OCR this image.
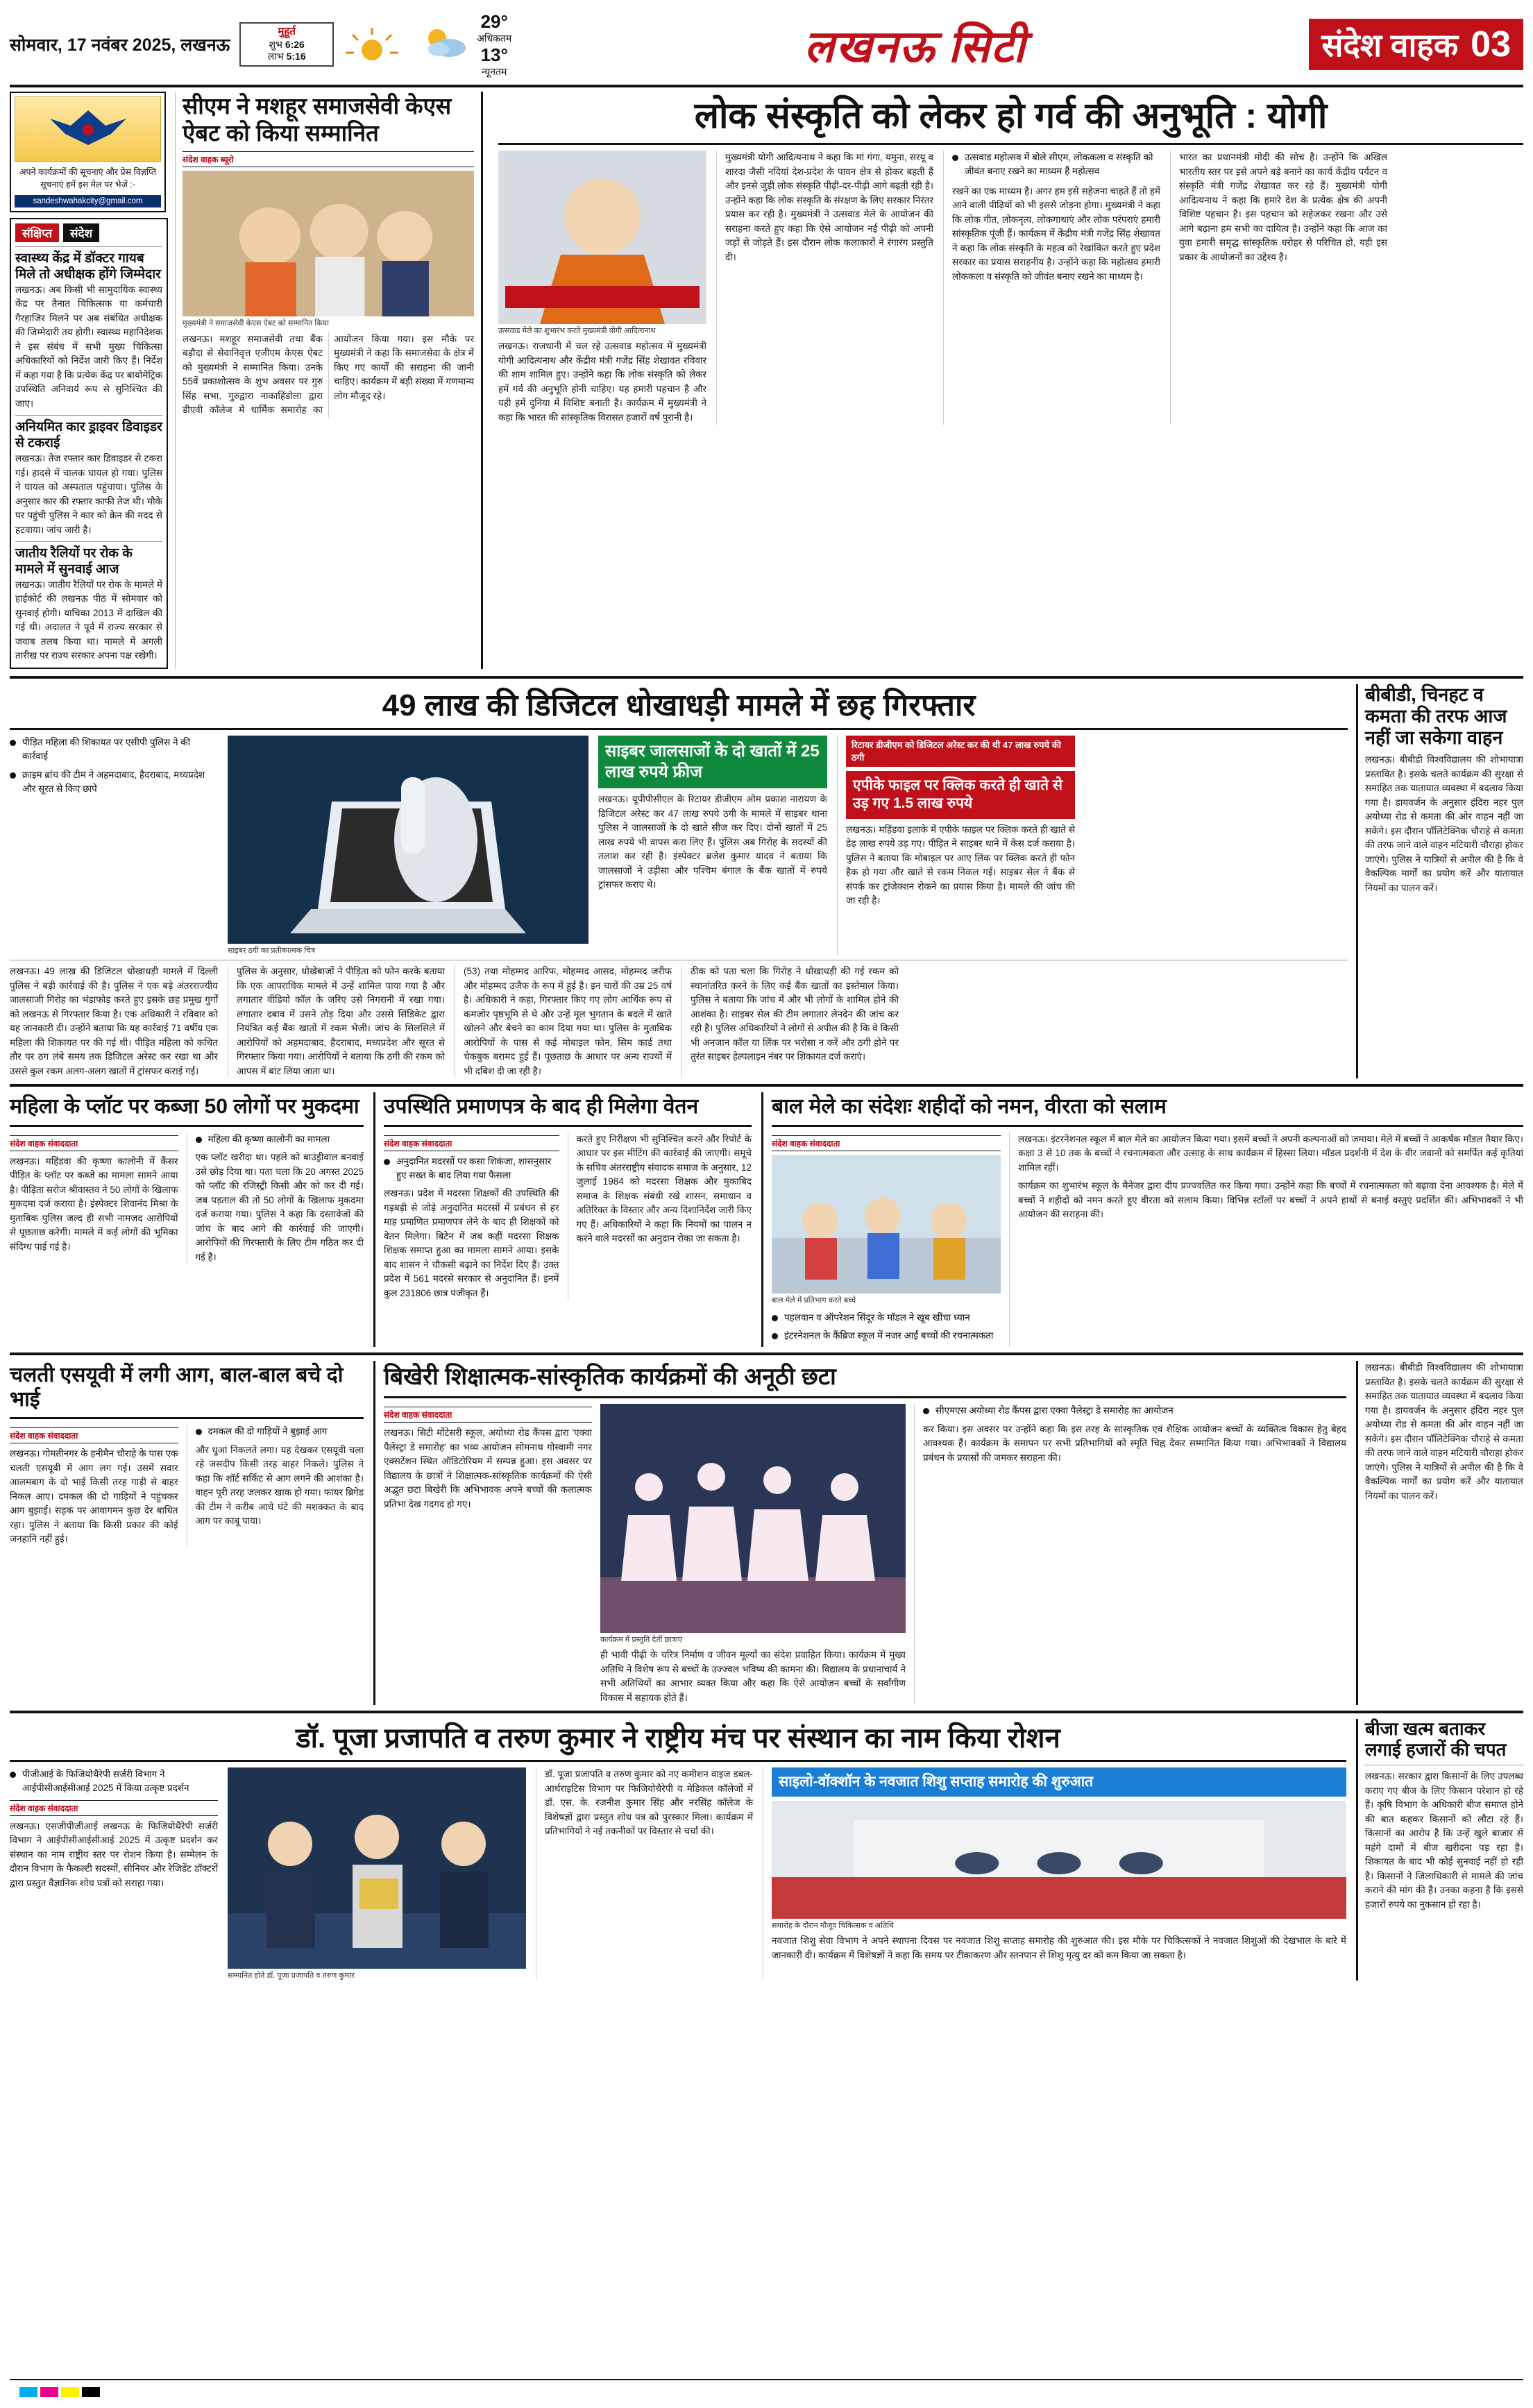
सोमवार, 17 नवंबर 2025, लखनऊ
मुहूर्त
शुभ 6:26
लाभ 5:16
29°
अधिकतम
13°
न्यूनतम
लखनऊ सिटी	संदेश वाहक 03
अपने कार्यक्रमों की सूचनाएं और प्रेस विज्ञप्ति सूचनाएं हमें इस मेल पर भेजें :-
sandeshwahakcity@gmail.com
संक्षिप्त	संदेश
स्वास्थ्य केंद्र में डॉक्टर गायब मिले तो अधीक्षक होंगे जिम्मेदार
लखनऊ। अब किसी भी सामुदायिक स्वास्थ्य केंद्र पर तैनात चिकित्सक या कर्मचारी गैरहाजिर मिलने पर अब संबंधित अधीक्षक की जिम्मेदारी तय होगी। स्वास्थ्य महानिदेशक ने इस संबंध में सभी मुख्य चिकित्सा अधिकारियों को निर्देश जारी किए हैं। निर्देश में कहा गया है कि प्रत्येक केंद्र पर बायोमेट्रिक उपस्थिति अनिवार्य रूप से सुनिश्चित की जाए।
अनियमित कार ड्राइवर डिवाइडर से टकराई
लखनऊ। तेज रफ्तार कार डिवाइडर से टकरा गई। हादसे में चालक घायल हो गया। पुलिस ने घायल को अस्पताल पहुंचाया। पुलिस के अनुसार कार की रफ्तार काफी तेज थी। मौके पर पहुंची पुलिस ने कार को क्रेन की मदद से हटवाया। जांच जारी है।
जातीय रैलियों पर रोक के मामले में सुनवाई आज
लखनऊ। जातीय रैलियों पर रोक के मामले में हाईकोर्ट की लखनऊ पीठ में सोमवार को सुनवाई होगी। याचिका 2013 में दाखिल की गई थी। अदालत ने पूर्व में राज्य सरकार से जवाब तलब किया था। मामले में अगली तारीख पर राज्य सरकार अपना पक्ष रखेगी।
सीएम ने मशहूर समाजसेवी केएस ऐबट को किया सम्मानित
संदेश वाहक ब्यूरो
मुख्यमंत्री ने समाजसेवी केएस ऐबट को सम्मानित किया
लखनऊ। मशहूर समाजसेवी तथा बैंक बड़ौदा से सेवानिवृत्त एजीएम केएस ऐबट को मुख्यमंत्री ने सम्मानित किया। उनके 55वें प्रकाशोत्सव के शुभ अवसर पर गुरु सिंह सभा, गुरुद्वारा नाकाहिंडोला द्वारा डीएवी कॉलेज में धार्मिक समारोह का आयोजन किया गया। इस मौके पर मुख्यमंत्री ने कहा कि समाजसेवा के क्षेत्र में किए गए कार्यों की सराहना की जानी चाहिए। कार्यक्रम में बड़ी संख्या में गणमान्य लोग मौजूद रहे।
लोक संस्कृति को लेकर हो गर्व की अनुभूति : योगी
उत्सवाड मेले का शुभारंभ करते मुख्यमंत्री योगी आदित्यनाथ
लखनऊ। राजधानी में चल रहे उत्सवाड महोत्सव में मुख्यमंत्री योगी आदित्यनाथ और केंद्रीय मंत्री गजेंद्र सिंह शेखावत रविवार की शाम शामिल हुए। उन्होंने कहा कि लोक संस्कृति को लेकर हमें गर्व की अनुभूति होनी चाहिए। यह हमारी पहचान है और यही हमें दुनिया में विशिष्ट बनाती है। कार्यक्रम में मुख्यमंत्री ने कहा कि भारत की सांस्कृतिक विरासत हजारों वर्ष पुरानी है।
मुख्यमंत्री योगी आदित्यनाथ ने कहा कि मां गंगा, यमुना, सरयू व शारदा जैसी नदियां देश-प्रदेश के पावन क्षेत्र से होकर बहती हैं और इनसे जुड़ी लोक संस्कृति पीढ़ी-दर-पीढ़ी आगे बढ़ती रही है। उन्होंने कहा कि लोक संस्कृति के संरक्षण के लिए सरकार निरंतर प्रयास कर रही है। मुख्यमंत्री ने उत्सवाड मेले के आयोजन की सराहना करते हुए कहा कि ऐसे आयोजन नई पीढ़ी को अपनी जड़ों से जोड़ते हैं। इस दौरान लोक कलाकारों ने रंगारंग प्रस्तुति दी।
उत्सवाड महोत्सव में बोले सीएम, लोककला व संस्कृति को जीवंत बनाए रखने का माध्यम हैं महोत्सव
रखने का एक माध्यम है। अगर हम इसे सहेजना चाहते हैं तो हमें आने वाली पीढ़ियों को भी इससे जोड़ना होगा। मुख्यमंत्री ने कहा कि लोक गीत, लोकनृत्य, लोकगाथाएं और लोक परंपराएं हमारी सांस्कृतिक पूंजी हैं। कार्यक्रम में केंद्रीय मंत्री गजेंद्र सिंह शेखावत ने कहा कि लोक संस्कृति के महत्व को रेखांकित करते हुए प्रदेश सरकार का प्रयास सराहनीय है। उन्होंने कहा कि महोत्सव हमारी लोककला व संस्कृति को जीवंत बनाए रखने का माध्यम है।
भारत का प्रधानमंत्री मोदी की सोच है। उन्होंने कि अखिल भारतीय स्तर पर इसे अपने बड़े बनाने का कार्य केंद्रीय पर्यटन व संस्कृति मंत्री गजेंद्र शेखावत कर रहे हैं। मुख्यमंत्री योगी आदित्यनाथ ने कहा कि हमारे देश के प्रत्येक क्षेत्र की अपनी विशिष्ट पहचान है। इस पहचान को सहेजकर रखना और उसे आगे बढ़ाना हम सभी का दायित्व है। उन्होंने कहा कि आज का युवा हमारी समृद्ध सांस्कृतिक धरोहर से परिचित हो, यही इस प्रकार के आयोजनों का उद्देश्य है।
49 लाख की डिजिटल धोखाधड़ी मामले में छह गिरफ्तार
पीड़ित महिला की शिकायत पर एसीपी पुलिस ने की कार्रवाई
क्राइम ब्रांच की टीम ने अहमदाबाद, हैदराबाद, मध्यप्रदेश और सूरत से किए छापे
साइबर ठगी का प्रतीकात्मक चित्र
साइबर जालसाजों के दो खातों में 25 लाख रुपये फ्रीज
लखनऊ। यूपीपीसीएल के रिटायर डीजीएम ओम प्रकाश नारायण के डिजिटल अरेस्ट कर 47 लाख रुपये ठगी के मामले में साइबर थाना पुलिस ने जालसाजों के दो खाते सीज कर दिए। दोनों खातों में 25 लाख रुपये भी वापस करा लिए हैं। पुलिस अब गिरोह के सदस्यों की तलाश कर रही है। इंस्पेक्टर ब्रजेश कुमार यादव ने बताया कि जालसाजों ने उड़ीसा और पश्चिम बंगाल के बैंक खातों में रुपये ट्रांसफर कराए थे।
रिटायर डीजीएम को डिजिटल अरेस्ट कर की थी 47 लाख रुपये की ठगी
एपीके फाइल पर क्लिक करते ही खाते से उड़ गए 1.5 लाख रुपये
लखनऊ। महिंडवा इलाके में एपीके फाइल पर क्लिक करते ही खाते से डेढ़ लाख रुपये उड़ गए। पीड़ित ने साइबर थाने में केस दर्ज कराया है। पुलिस ने बताया कि मोबाइल पर आए लिंक पर क्लिक करते ही फोन हैक हो गया और खाते से रकम निकल गई। साइबर सेल ने बैंक से संपर्क कर ट्रांजेक्शन रोकने का प्रयास किया है। मामले की जांच की जा रही है।
लखनऊ। 49 लाख की डिजिटल धोखाधड़ी मामले में दिल्ली पुलिस ने बड़ी कार्रवाई की है। पुलिस ने एक बड़े अंतरराज्यीय जालसाजी गिरोह का भंडाफोड़ करते हुए इसके छह प्रमुख गुर्गों को लखनऊ से गिरफ्तार किया है। एक अधिकारी ने रविवार को यह जानकारी दी। उन्होंने बताया कि यह कार्रवाई 71 वर्षीय एक महिला की शिकायत पर की गई थी। पीड़ित महिला को कथित तौर पर ठग लंबे समय तक डिजिटल अरेस्ट कर रखा था और उससे कुल रकम अलग-अलग खातों में ट्रांसफर कराई गई।
पुलिस के अनुसार, धोखेबाजों ने पीड़िता को फोन करके बताया कि एक आपराधिक मामले में उन्हें शामिल पाया गया है और लगातार वीडियो कॉल के जरिए उसे निगरानी में रखा गया। लगातार दबाव में उसने तोड़ दिया और उससे सिंडिकेट द्वारा नियंत्रित कई बैंक खातों में रकम भेजी। जांच के सिलसिले में आरोपियों को अहमदाबाद, हैदराबाद, मध्यप्रदेश और सूरत से गिरफ्तार किया गया। आरोपियों ने बताया कि ठगी की रकम को आपस में बांट लिया जाता था।
(53) तथा मोहम्मद आरिफ, मोहम्मद आसद, मोहम्मद जरीफ और मोहम्मद उजैफ के रूप में हुई है। इन चारों की उम्र 25 वर्ष है। अधिकारी ने कहा, गिरफ्तार किए गए लोग आर्थिक रूप से कमजोर पृष्ठभूमि से थे और उन्हें मूल भुगतान के बदले में खाते खोलने और बेचने का काम दिया गया था। पुलिस के मुताबिक आरोपियों के पास से कई मोबाइल फोन, सिम कार्ड तथा चेकबुक बरामद हुई हैं। पूछताछ के आधार पर अन्य राज्यों में भी दबिश दी जा रही है।
ठीक को पता चला कि गिरोह ने धोखाधड़ी की गई रकम को स्थानांतरित करने के लिए कई बैंक खातों का इस्तेमाल किया। पुलिस ने बताया कि जांच में और भी लोगों के शामिल होने की आशंका है। साइबर सेल की टीम लगातार लेनदेन की जांच कर रही है। पुलिस अधिकारियों ने लोगों से अपील की है कि वे किसी भी अनजान कॉल या लिंक पर भरोसा न करें और ठगी होने पर तुरंत साइबर हेल्पलाइन नंबर पर शिकायत दर्ज कराएं।
बीबीडी, चिनहट व कमता की तरफ आज नहीं जा सकेगा वाहन
लखनऊ। बीबीडी विश्वविद्यालय की शोभायात्रा प्रस्तावित है। इसके चलते कार्यक्रम की सुरक्षा से समाहित तक यातायात व्यवस्था में बदलाव किया गया है। डायवर्जन के अनुसार इंदिरा नहर पुल अयोध्या रोड से कमता की ओर वाहन नहीं जा सकेंगे। इस दौरान पॉलिटेक्निक चौराहे से कमता की तरफ जाने वाले वाहन मटियारी चौराहा होकर जाएंगे। पुलिस ने यात्रियों से अपील की है कि वे वैकल्पिक मार्गों का प्रयोग करें और यातायात नियमों का पालन करें।
महिला के प्लॉट पर कब्जा 50 लोगों पर मुकदमा
संदेश वाहक संवाददाता
लखनऊ। महिंडवा की कृष्णा कालोनी में कैंसर पीड़ित के प्लॉट पर कब्जे का मामला सामने आया है। पीड़िता सरोज श्रीवास्तव ने 50 लोगों के खिलाफ मुकदमा दर्ज कराया है। इंस्पेक्टर शिवानंद मिश्रा के मुताबिक पुलिस जल्द ही सभी नामजद आरोपियों से पूछताछ करेगी। मामले में कई लोगों की भूमिका संदिग्ध पाई गई है।
महिला की कृष्णा कालोनी का मामला
एक प्लॉट खरीदा था। पहले को बाउंड्रीवाल बनवाई उसे छोड़ दिया था। पता चला कि 20 अगस्त 2025 को प्लॉट की रजिस्ट्री किसी और को कर दी गई। जब पड़ताल की तो 50 लोगों के खिलाफ मुकदमा दर्ज कराया गया। पुलिस ने कहा कि दस्तावेजों की जांच के बाद आगे की कार्रवाई की जाएगी। आरोपियों की गिरफ्तारी के लिए टीम गठित कर दी गई है।
उपस्थिति प्रमाणपत्र के बाद ही मिलेगा वेतन
संदेश वाहक संवाददाता
अनुदानित मदरसों पर कसा शिकंजा, शासनुसार हुए सख्त के बाद लिया गया फैसला
लखनऊ। प्रदेश में मदरसा शिक्षकों की उपस्थिति की गड़बड़ी से जोड़े अनुदानित मदरसों में प्रबंधन से हर माह प्रमाणित प्रमाणपत्र लेने के बाद ही शिक्षकों को वेतन मिलेगा। बिटेन में जब कहीं मदरसा शिक्षक शिक्षक समाप्त हुआ का मामला सामने आया। इसके बाद शासन ने चौकसी बढ़ाने का निर्देश दिए हैं। उक्त प्रदेश में 561 मदरसे सरकार से अनुदानित हैं। इनमें कुल 231806 छात्र पंजीकृत हैं।
करते हुए निरीक्षण भी सुनिश्चित करने और रिपोर्ट के आधार पर इस मीटिंग की कार्रवाई की जाएगी। समूचे के सचिव अंतरराष्ट्रीय संवादक समाज के अनुसार, 12 जुलाई 1984 को मदरसा शिक्षक और मुकाबिद समाज के शिक्षक संबंधी रखे शासन, समाधान व अतिरिक्त के विस्तार और अन्य दिशानिर्देश जारी किए गए हैं। अधिकारियों ने कहा कि नियमों का पालन न करने वाले मदरसों का अनुदान रोका जा सकता है।
बाल मेले का संदेशः शहीदों को नमन, वीरता को सलाम
संदेश वाहक संवाददाता
बाल मेले में प्रतिभाग करते बच्चे
पहलवान व ऑपरेशन सिंदूर के मॉडल ने खूब खींचा ध्यान
इंटरनेशनल के कैंब्रिज स्कूल में नजर आईं बच्चों की रचनात्मकता
लखनऊ। इंटरनेशनल स्कूल में बाल मेले का आयोजन किया गया। इसमें बच्चों ने अपनी कल्पनाओं को जमाया। मेले में बच्चों ने आकर्षक मॉडल तैयार किए। कक्षा 3 से 10 तक के बच्चों ने रचनात्मकता और उत्साह के साथ कार्यक्रम में हिस्सा लिया। मॉडल प्रदर्शनी में देश के वीर जवानों को समर्पित कई कृतियां शामिल रहीं।
कार्यक्रम का शुभारंभ स्कूल के मैनेजर द्वारा दीप प्रज्ज्वलित कर किया गया। उन्होंने कहा कि बच्चों में रचनात्मकता को बढ़ावा देना आवश्यक है। मेले में बच्चों ने शहीदों को नमन करते हुए वीरता को सलाम किया। विभिन्न स्टॉलों पर बच्चों ने अपने हाथों से बनाई वस्तुएं प्रदर्शित कीं। अभिभावकों ने भी आयोजन की सराहना की।
चलती एसयूवी में लगी आग, बाल-बाल बचे दो भाई
संदेश वाहक संवाददाता
लखनऊ। गोमतीनगर के हनीमैन चौराहे के पास एक चलती एसयूवी में आग लग गई। उसमें सवार आलमबाग के दो भाई किसी तरह गाड़ी से बाहर निकल आए। दमकल की दो गाड़ियों ने पहुंचकर आग बुझाई। सड़क पर आवागमन कुछ देर बाधित रहा। पुलिस ने बताया कि किसी प्रकार की कोई जनहानि नहीं हुई।
दमकल की दो गाड़ियों ने बुझाई आग
और धुआं निकलते लगा। यह देखकर एसयूवी चला रहे जसदीप किसी तरह बाहर निकले। पुलिस ने कहा कि शॉर्ट सर्किट से आग लगने की आशंका है। वाहन पूरी तरह जलकर खाक हो गया। फायर ब्रिगेड की टीम ने करीब आधे घंटे की मशक्कत के बाद आग पर काबू पाया।
बिखेरी शिक्षात्मक-सांस्कृतिक कार्यक्रमों की अनूठी छटा
संदेश वाहक संवाददाता
लखनऊ। सिटी मोंटेसरी स्कूल, अयोध्या रोड कैंपस द्वारा 'एक्वा पैलेस्ट्रा डे समारोह' का भव्य आयोजन सोमनाथ गोस्वामी नगर एक्सटेंशन स्थित ऑडिटोरियम में सम्पन्न हुआ। इस अवसर पर विद्यालय के छात्रों ने शिक्षात्मक-सांस्कृतिक कार्यक्रमों की ऐसी अद्भुत छटा बिखेरी कि अभिभावक अपने बच्चों की कलात्मक प्रतिभा देख गदगद हो गए।
कार्यक्रम में प्रस्तुति देतीं छात्राएं
ही भावी पीढ़ी के चरित्र निर्माण व जीवन मूल्यों का संदेश प्रवाहित किया। कार्यक्रम में मुख्य अतिथि ने विशेष रूप से बच्चों के उज्ज्वल भविष्य की कामना की। विद्यालय के प्रधानाचार्य ने सभी अतिथियों का आभार व्यक्त किया और कहा कि ऐसे आयोजन बच्चों के सर्वांगीण विकास में सहायक होते हैं।
सीएमएस अयोध्या रोड कैंपस द्वारा एक्वा पैलेस्ट्रा डे समारोह का आयोजन
कर किया। इस अवसर पर उन्होंने कहा कि इस तरह के सांस्कृतिक एवं शैक्षिक आयोजन बच्चों के व्यक्तित्व विकास हेतु बेहद आवश्यक हैं। कार्यक्रम के समापन पर सभी प्रतिभागियों को स्मृति चिह्न देकर सम्मानित किया गया। अभिभावकों ने विद्यालय प्रबंधन के प्रयासों की जमकर सराहना की।
लखनऊ। बीबीडी विश्वविद्यालय की शोभायात्रा प्रस्तावित है। इसके चलते कार्यक्रम की सुरक्षा से समाहित तक यातायात व्यवस्था में बदलाव किया गया है। डायवर्जन के अनुसार इंदिरा नहर पुल अयोध्या रोड से कमता की ओर वाहन नहीं जा सकेंगे। इस दौरान पॉलिटेक्निक चौराहे से कमता की तरफ जाने वाले वाहन मटियारी चौराहा होकर जाएंगे। पुलिस ने यात्रियों से अपील की है कि वे वैकल्पिक मार्गों का प्रयोग करें और यातायात नियमों का पालन करें।
डॉ. पूजा प्रजापति व तरुण कुमार ने राष्ट्रीय मंच पर संस्थान का नाम किया रोशन
पीजीआई के फिजियोथैरेपी सर्जरी विभाग ने आईपीसीआईसीआई 2025 में किया उत्कृष्ट प्रदर्शन
संदेश वाहक संवाददाता
लखनऊ। एसजीपीजीआई लखनऊ के फिजियोथैरेपी सर्जरी विभाग ने आईपीसीआईसीआई 2025 में उत्कृष्ट प्रदर्शन कर संस्थान का नाम राष्ट्रीय स्तर पर रोशन किया है। सम्मेलन के दौरान विभाग के फैकल्टी सदस्यों, सीनियर और रेजिडेंट डॉक्टरों द्वारा प्रस्तुत वैज्ञानिक शोध पत्रों को सराहा गया।
सम्मानित होते डॉ. पूजा प्रजापति व तरुण कुमार
डॉ. पूजा प्रजापति व तरुण कुमार को नए कमीशन वाइज डबल-आर्थराइटिस विभाग पर फिजियोथैरेपी व मेडिकल कॉलेजों में डॉ. एस. के. रजनीश कुमार सिंह और नरसिंह कॉलेज के विशेषज्ञों द्वारा प्रस्तुत शोध पत्र को पुरस्कार मिला। कार्यक्रम में प्रतिभागियों ने नई तकनीकों पर विस्तार से चर्चा की।
साइलो-वॉक्शॉन के नवजात शिशु सप्ताह समारोह की शुरुआत
समारोह के दौरान मौजूद चिकित्सक व अतिथि
नवजात शिशु सेवा विभाग ने अपने स्थापना दिवस पर नवजात शिशु सप्ताह समारोह की शुरुआत की। इस मौके पर चिकित्सकों ने नवजात शिशुओं की देखभाल के बारे में जानकारी दी। कार्यक्रम में विशेषज्ञों ने कहा कि समय पर टीकाकरण और स्तनपान से शिशु मृत्यु दर को कम किया जा सकता है।
बीजा खत्म बताकर लगाई हजारों की चपत
लखनऊ। सरकार द्वारा किसानों के लिए उपलब्ध कराए गए बीज के लिए किसान परेशान हो रहे हैं। कृषि विभाग के अधिकारी बीज समाप्त होने की बात कहकर किसानों को लौटा रहे हैं। किसानों का आरोप है कि उन्हें खुले बाजार से महंगे दामों में बीज खरीदना पड़ रहा है। शिकायत के बाद भी कोई सुनवाई नहीं हो रही है। किसानों ने जिलाधिकारी से मामले की जांच कराने की मांग की है। उनका कहना है कि इससे हजारों रुपये का नुकसान हो रहा है।
